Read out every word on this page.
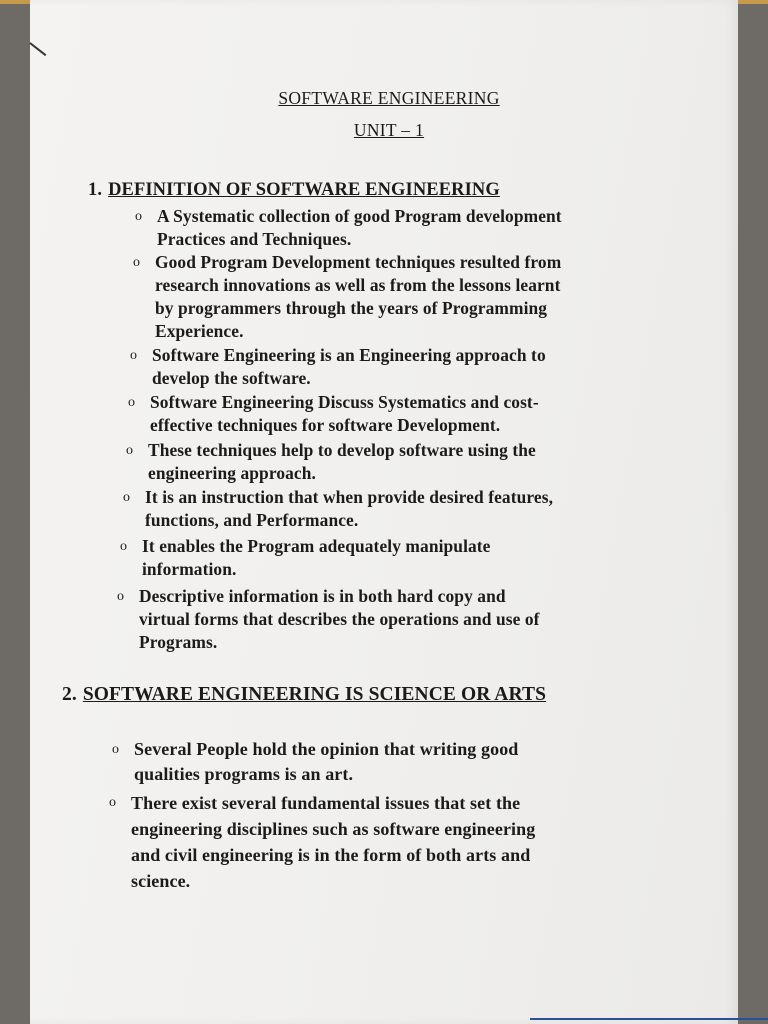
SOFTWARE ENGINEERING
UNIT – 1
1. DEFINITION OF SOFTWARE ENGINEERING
o A Systematic collection of good Program development
Practices and Techniques.
o Good Program Development techniques resulted from
research innovations as well as from the lessons learnt
by programmers through the years of Programming
Experience.
o Software Engineering is an Engineering approach to
develop the software.
o Software Engineering Discuss Systematics and cost-
effective techniques for software Development.
o These techniques help to develop software using the
engineering approach.
o It is an instruction that when provide desired features,
functions, and Performance.
o It enables the Program adequately manipulate
information.
o Descriptive information is in both hard copy and
virtual forms that describes the operations and use of
Programs.
2. SOFTWARE ENGINEERING IS SCIENCE OR ARTS
o Several People hold the opinion that writing good
qualities programs is an art.
o There exist several fundamental issues that set the
engineering disciplines such as software engineering
and civil engineering is in the form of both arts and
science.
